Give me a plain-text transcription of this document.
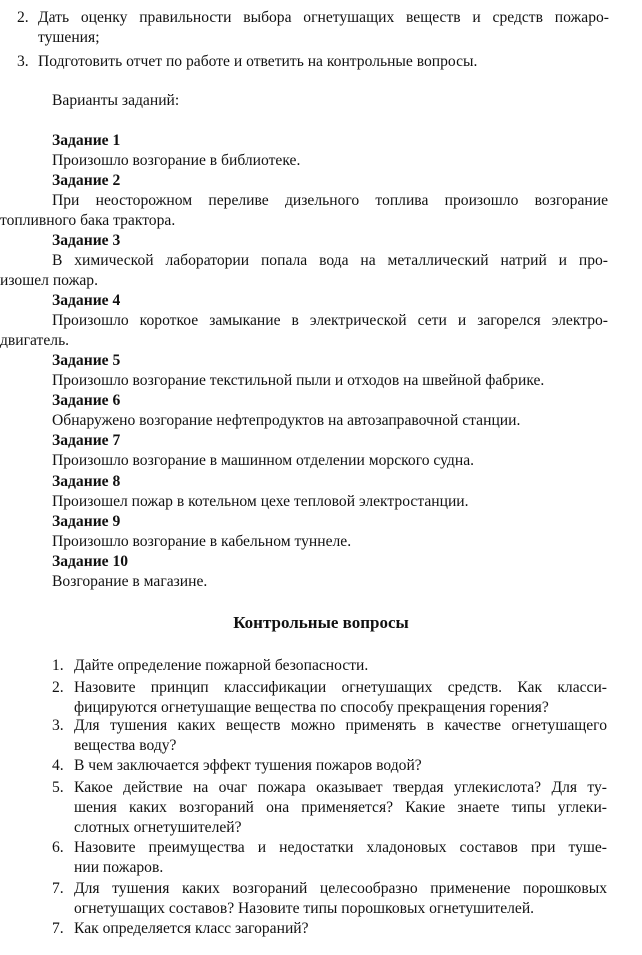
2. Дать оценку правильности выбора огнетушащих веществ и средств пожаро-
тушения;
3. Подготовить отчет по работе и ответить на контрольные вопросы.
Варианты заданий:
Задание 1
Произошло возгорание в библиотеке.
Задание 2
При неосторожном переливе дизельного топлива произошло возгорание
топливного бака трактора.
Задание 3
В химической лаборатории попала вода на металлический натрий и про-
изошел пожар.
Задание 4
Произошло короткое замыкание в электрической сети и загорелся электро-
двигатель.
Задание 5
Произошло возгорание текстильной пыли и отходов на швейной фабрике.
Задание 6
Обнаружено возгорание нефтепродуктов на автозаправочной станции.
Задание 7
Произошло возгорание в машинном отделении морского судна.
Задание 8
Произошел пожар в котельном цехе тепловой электростанции.
Задание 9
Произошло возгорание в кабельном туннеле.
Задание 10
Возгорание в магазине.
Контрольные вопросы
1. Дайте определение пожарной безопасности.
2. Назовите принцип классификации огнетушащих средств. Как класси-
фицируются огнетушащие вещества по способу прекращения горения?
3. Для тушения каких веществ можно применять в качестве огнетушащего
вещества воду?
4. В чем заключается эффект тушения пожаров водой?
5. Какое действие на очаг пожара оказывает твердая углекислота? Для ту-
шения каких возгораний она применяется? Какие знаете типы углеки-
слотных огнетушителей?
6. Назовите преимущества и недостатки хладоновых составов при туше-
нии пожаров.
7. Для тушения каких возгораний целесообразно применение порошковых
огнетушащих составов? Назовите типы порошковых огнетушителей.
7. Как определяется класс загораний?
